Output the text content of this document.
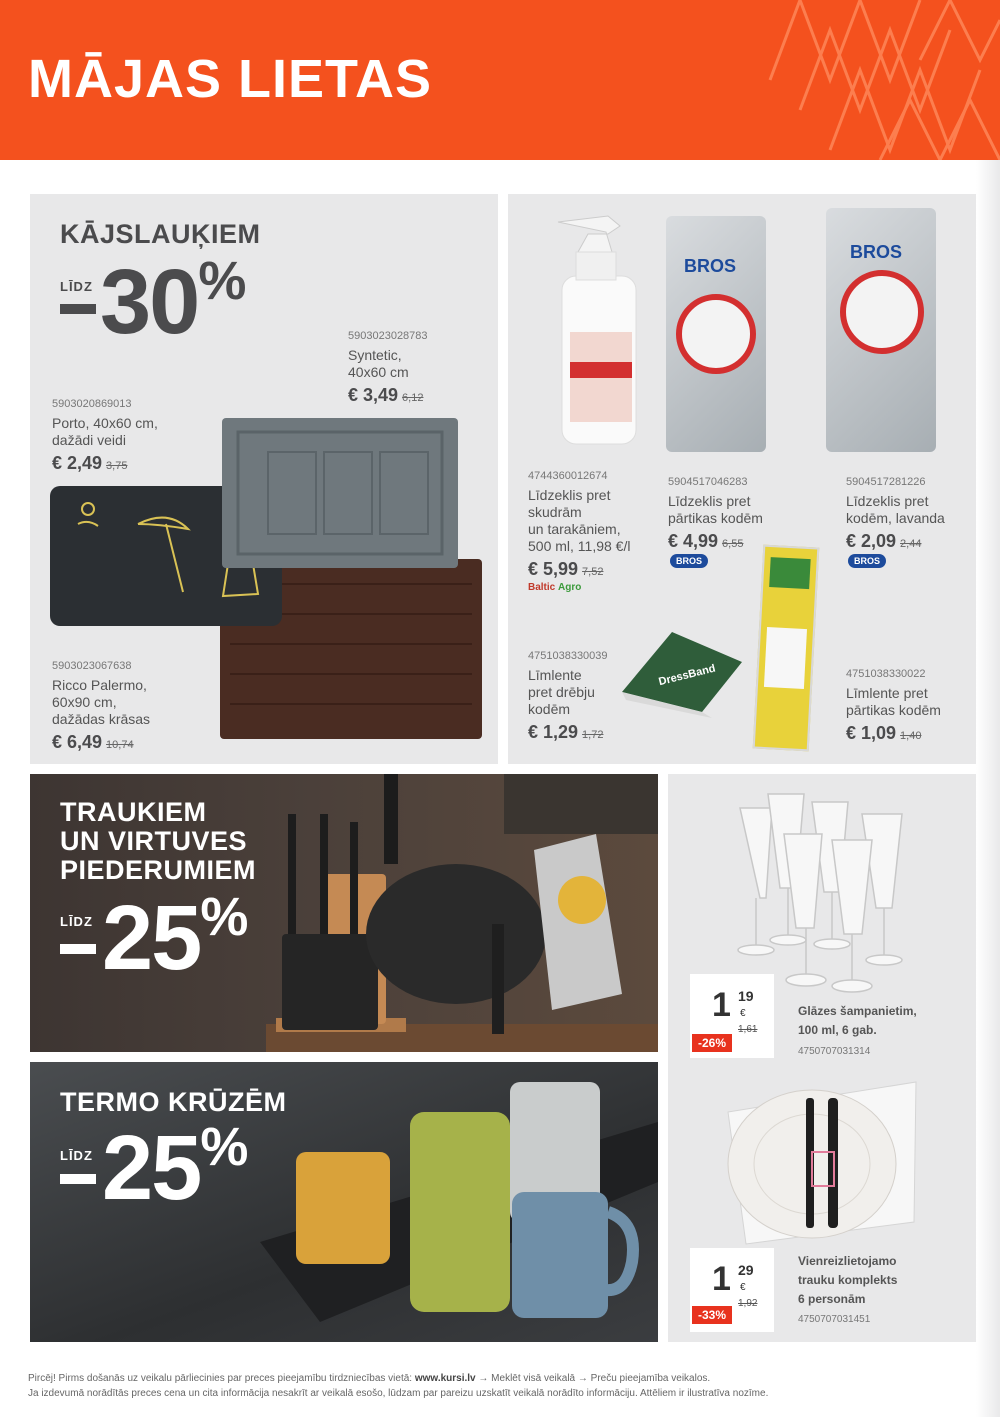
MĀJAS LIETAS
KĀJSLAUĶIEM
LĪDZ 30%
5903023028783
Syntetic,
40x60 cm
€ 3,49 6,12
5903020869013
Porto, 40x60 cm,
dažādi veidi
€ 2,49 3,75
5903023067638
Ricco Palermo,
60x90 cm,
dažādas krāsas
€ 6,49 10,74
4744360012674
Līdzeklis pret
skudrām
un tarakāniem,
500 ml, 11,98 €/l
€ 5,99 7,52
Baltic Agro
BROS
5904517046283
Līdzeklis pret
pārtikas kodēm
€ 4,99 6,55
BROS
BROS
5904517281226
Līdzeklis pret
kodēm, lavanda
€ 2,09 2,44
BROS
DressBand
4751038330039
Līmlente
pret drēbju
kodēm
€ 1,29 1,72
4751038330022
Līmlente pret
pārtikas kodēm
€ 1,09 1,40
TRAUKIEM
UN VIRTUVES
PIEDERUMIEM
LĪDZ 25%
TERMO KRŪZĒM
LĪDZ 25%
1 19
€
1,61
-26%
Glāzes šampanietim,
100 ml, 6 gab.
4750707031314
1 29
€
1,92
-33%
Vienreizlietojamo
trauku komplekts
6 personām
4750707031451
Pircēj! Pirms došanās uz veikalu pārliecinies par preces pieejamību tirdzniecības vietā: www.kursi.lv → Meklēt visā veikalā → Preču pieejamība veikalos.
Ja izdevumā norādītās preces cena un cita informācija nesakrīt ar veikalā esošo, lūdzam par pareizu uzskatīt veikalā norādīto informāciju. Attēliem ir ilustratīva nozīme.
